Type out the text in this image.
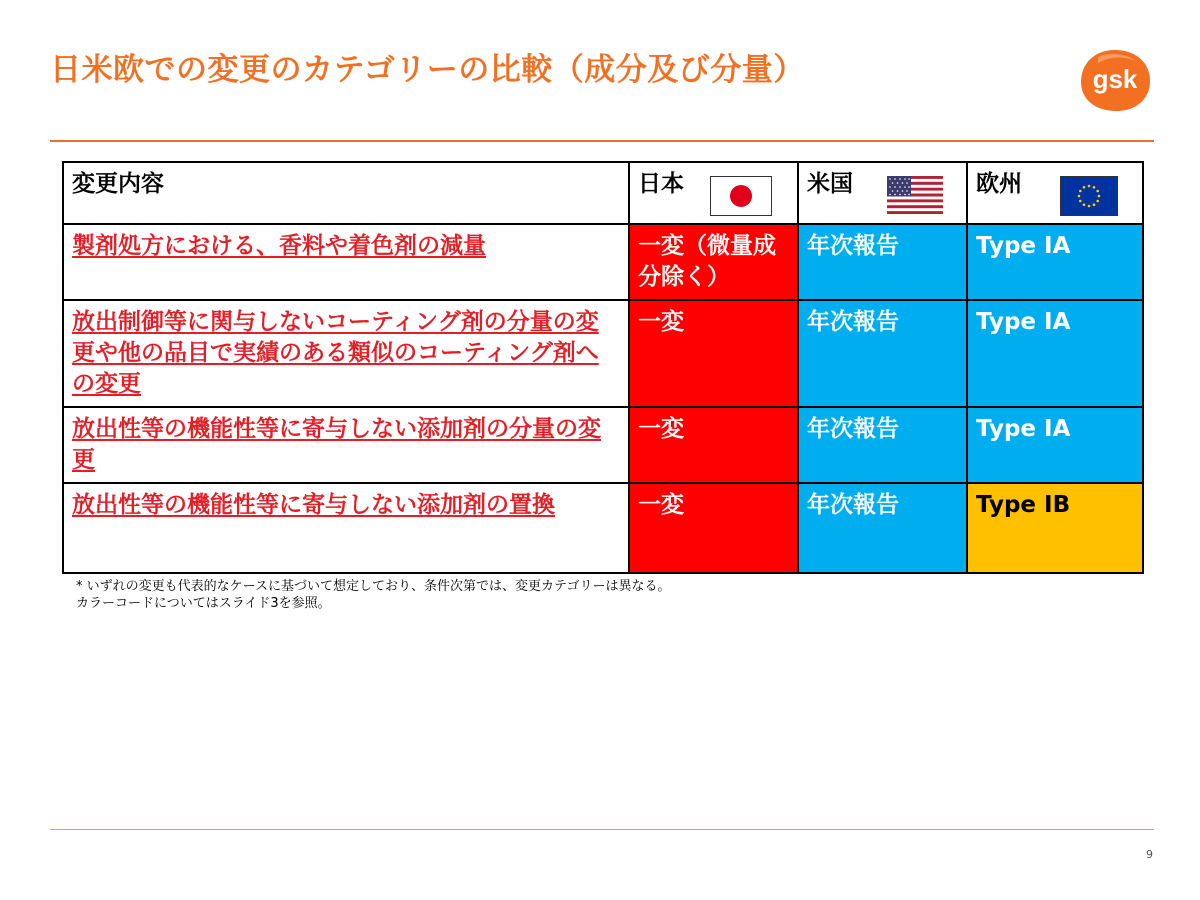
日米欧での変更のカテゴリーの比較（成分及び分量）	gsk
変更内容	日本	米国	欧州

製剤処方における、香料や着色剤の減量	一変（微量成分除く）	年次報告	Type IA
放出制御等に関与しないコーティング剤の分量の変更や他の品目で実績のある類似のコーティング剤への変更	一変	年次報告	Type IA
放出性等の機能性等に寄与しない添加剤の分量の変更	一変	年次報告	Type IA
放出性等の機能性等に寄与しない添加剤の置換	一変	年次報告	Type IB
* いずれの変更も代表的なケースに基づいて想定しており、条件次第では、変更カテゴリーは異なる。
カラーコードについてはスライド3を参照。
9
